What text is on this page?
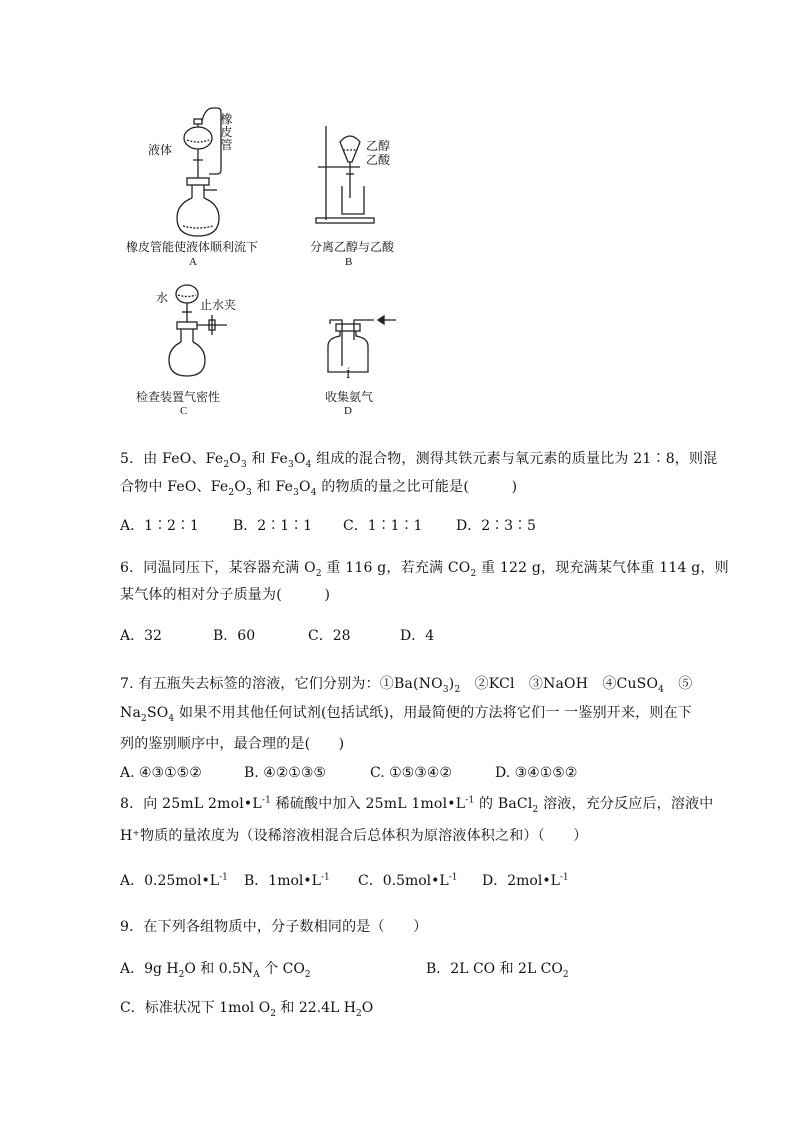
液体
橡皮管
橡皮管能使液体顺利流下
A
乙醇
乙酸
分离乙醇与乙酸
B
水	止水夹
检查装置气密性
C
Í
收集氨气
D
5．由 FeO、$Fe_2O_3$ 和 $Fe_3O_4$ 组成的混合物，测得其铁元素与氧元素的质量比为 21∶8，则混
合物中 FeO、$Fe_2O_3$ 和 $Fe_3O_4$ 的物质的量之比可能是(　　　)
A．1∶2∶1 B．2∶1∶1 C．1∶1∶1 D．2∶3∶5
6．同温同压下，某容器充满 $O_2$ 重 116 g，若充满 $CO_2$ 重 122 g，现充满某气体重 114 g，则
某气体的相对分子质量为(　　　)
A．32	B．60	C．28	D．4
7. 有五瓶失去标签的溶液，它们分别为：$①Ba(NO_3)_2$　②KCl　③NaOH　④CuSO$_4$　⑤
$Na_2SO_4$ 如果不用其他任何试剂(包括试纸)，用最简便的方法将它们一 一鉴别开来，则在下
列的鉴别顺序中，最合理的是(　　)
A. ④③①⑤②	B. ④②①③⑤	C. ①⑤③④②	D. ③④①⑤②
8．向 25mL $2mol•L^{-1}$ 稀硫酸中加入 25mL $1mol•L^{-1}$ 的 BaCl$_2$ 溶液，充分反应后，溶液中
H⁺物质的量浓度为（设稀溶液相混合后总体积为原溶液体积之和）（　　）
A．$0.25mol•L^{-1}$ B．$1mol•L^{-1}$ C．$0.5mol•L^{-1}$ D．$2mol•L^{-1}$
9．在下列各组物质中，分子数相同的是（　　）
A．9g $H_2O$ 和 $0.5N_A$ 个 $CO_2$	B．2L CO 和 2L $CO_2$
C．标准状况下 1mol $O_2$ 和 22.4L $H_2O$
